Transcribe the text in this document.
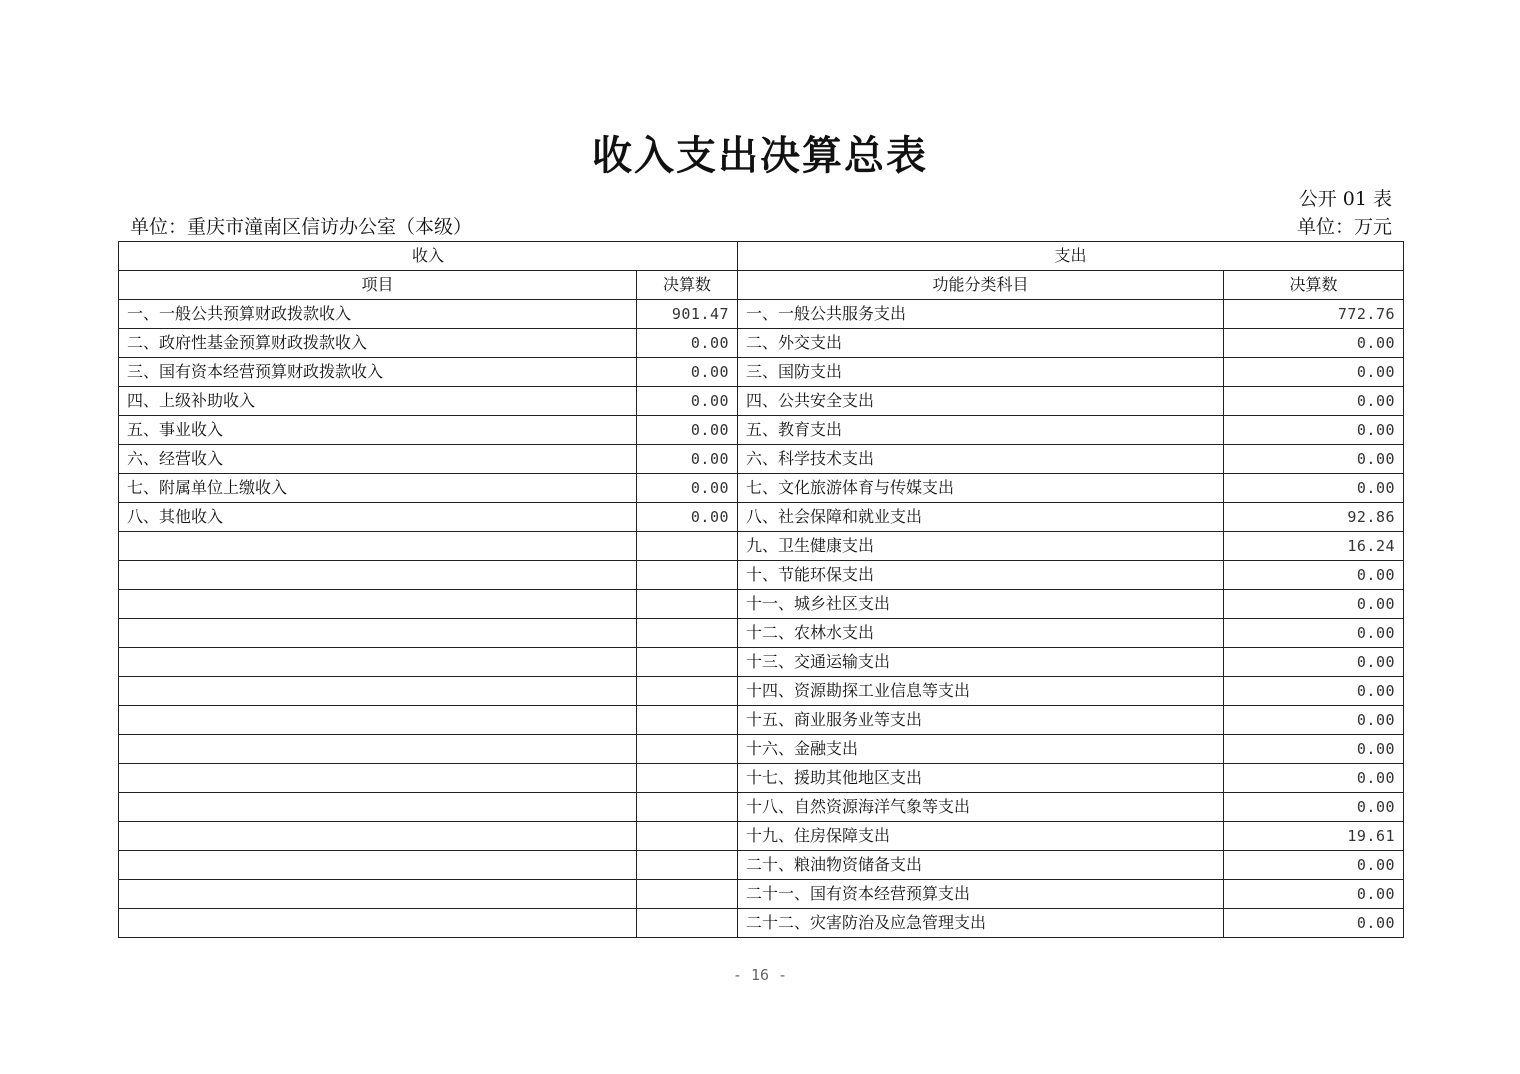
收入支出决算总表
公开 01 表
单位：重庆市潼南区信访办公室（本级）	单位：万元
收入		支出	
项目	决算数	功能分类科目	决算数
一、一般公共预算财政拨款收入	901.47	一、一般公共服务支出	772.76
二、政府性基金预算财政拨款收入	0.00	二、外交支出	0.00
三、国有资本经营预算财政拨款收入	0.00	三、国防支出	0.00
四、上级补助收入	0.00	四、公共安全支出	0.00
五、事业收入	0.00	五、教育支出	0.00
六、经营收入	0.00	六、科学技术支出	0.00
七、附属单位上缴收入	0.00	七、文化旅游体育与传媒支出	0.00
八、其他收入	0.00	八、社会保障和就业支出	92.86
		九、卫生健康支出	16.24
		十、节能环保支出	0.00
		十一、城乡社区支出	0.00
		十二、农林水支出	0.00
		十三、交通运输支出	0.00
		十四、资源勘探工业信息等支出	0.00
		十五、商业服务业等支出	0.00
		十六、金融支出	0.00
		十七、援助其他地区支出	0.00
		十八、自然资源海洋气象等支出	0.00
		十九、住房保障支出	19.61
		二十、粮油物资储备支出	0.00
		二十一、国有资本经营预算支出	0.00
		二十二、灾害防治及应急管理支出	0.00
- 16 -
